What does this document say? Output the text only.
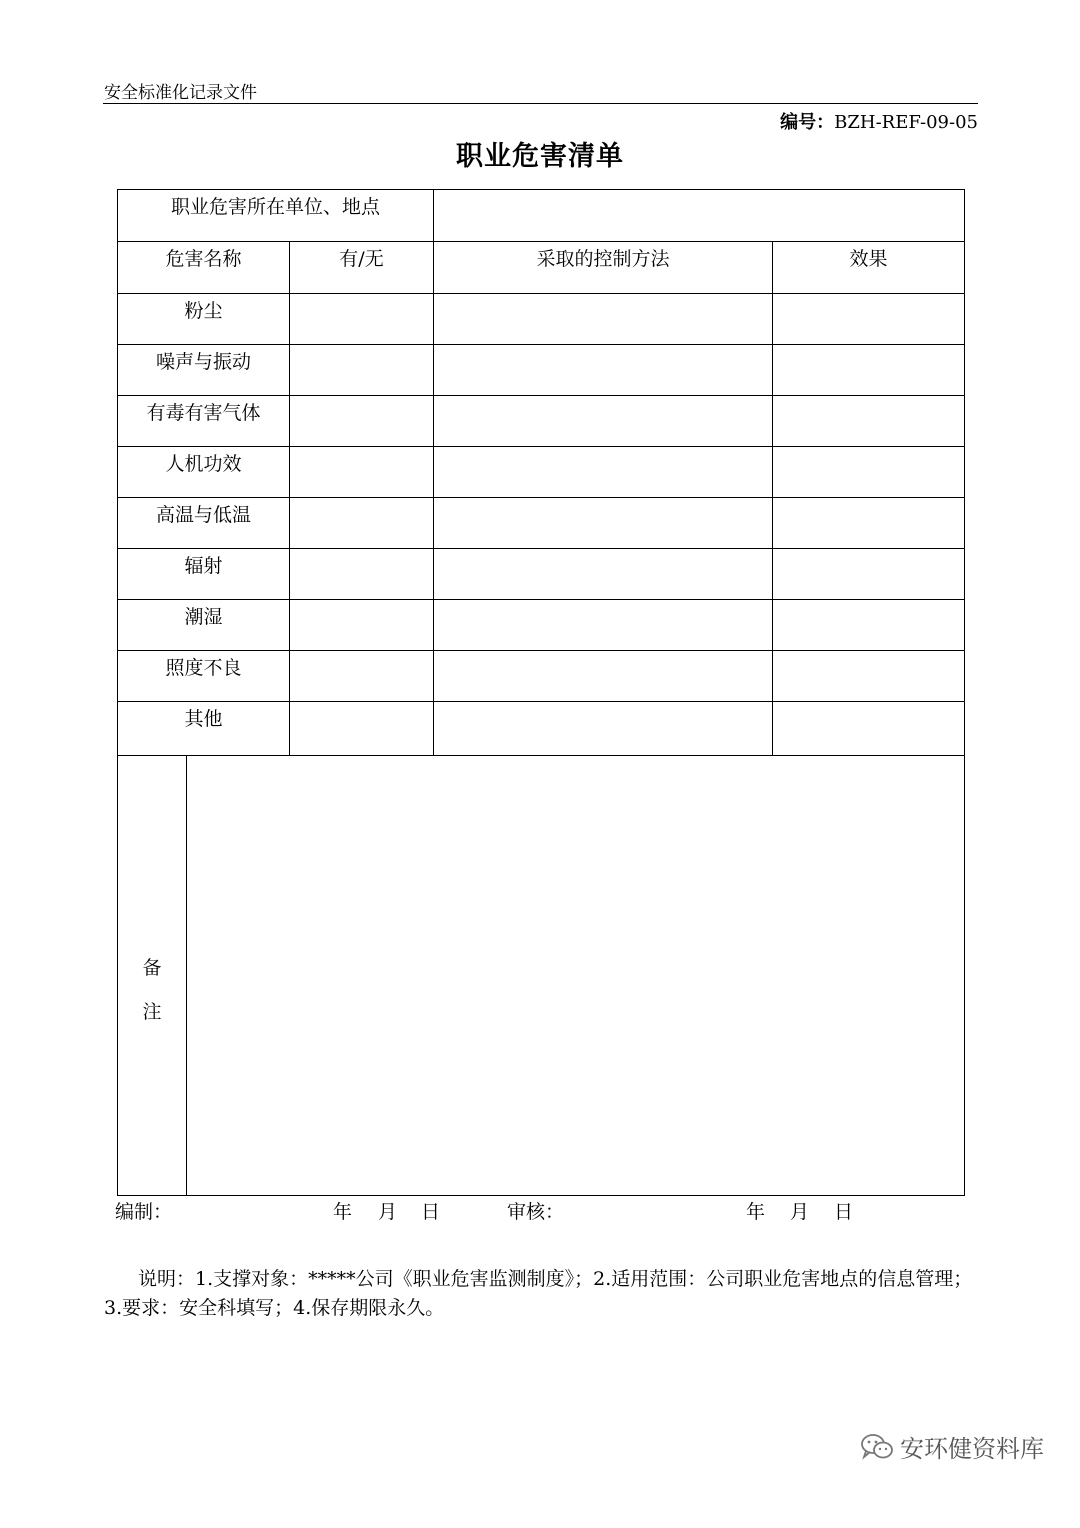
安全标准化记录文件
编号：BZH-REF-09-05
职业危害清单
职业危害所在单位、地点				

危害名称		有/无	采取的控制方法	效果

粉尘				

噪声与振动				

有毒有害气体				

人机功效				

高温与低温				

辐射				

潮湿				

照度不良				

其他				

备
注				

编制：	年 月 日	审核：	年 月 日
说明：1.支撑对象：*****公司《职业危害监测制度》；2.适用范围：公司职业危害地点的信息管理；3.要求：安全科填写；4.保存期限永久。
安环健资料库
